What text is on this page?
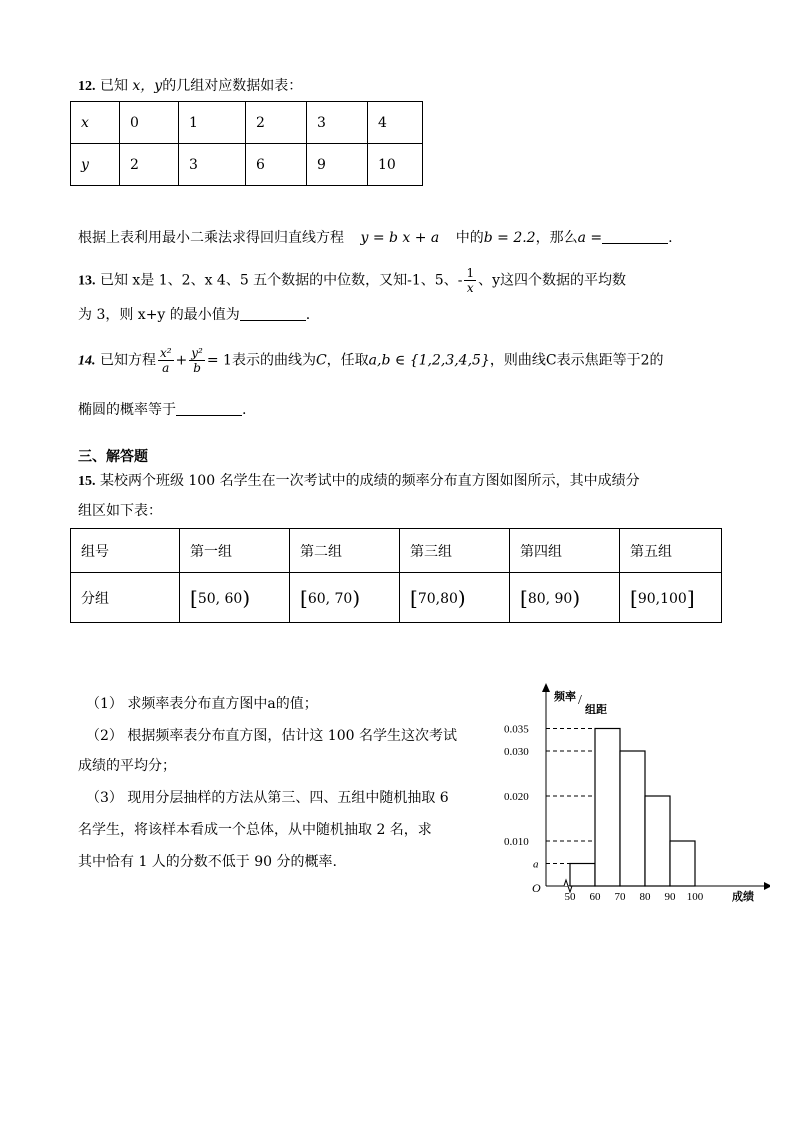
12. 已知 x，y的几组对应数据如表：
x	0	1	2	3	4
y	2	3	6	9	10
根据上表利用最小二乘法求得回归直线方程 y = b x + a 中的b = 2.2，那么a =	.
13. 已知 x是 1、2、x 4、5 五个数据的中位数，又知-1、5、- $\frac{1}{x}$ 、y这四个数据的平均数
为 3，则 x+y 的最小值为	.
14. 已知方程 $\frac{\text{x²}}{a} + \frac{\text{y²}}{b} = 1$表示的曲线为C，任取a,b ∈ {1,2,3,4,5}，则曲线C表示焦距等于2的
椭圆的概率等于	.
三、解答题
15. 某校两个班级 100 名学生在一次考试中的成绩的频率分布直方图如图所示，其中成绩分
组区如下表：
组号	第一组	第二组	第三组	第四组	第五组
分组	[50, 60)	[60, 70)	[70,80)	[80, 90)	[90,100]
（1） 求频率表分布直方图中a的值；
（2） 根据频率表分布直方图，估计这 100 名学生这次考试
成绩的平均分；
（3） 现用分层抽样的方法从第三、四、五组中随机抽取 6
名学生，将该样本看成一个总体，从中随机抽取 2 名，求
其中恰有 1 人的分数不低于 90 分的概率.
频率 /
组距
成绩
O
0.035
0.030
0.020
0.010
a
50 60 70 80 90 100
